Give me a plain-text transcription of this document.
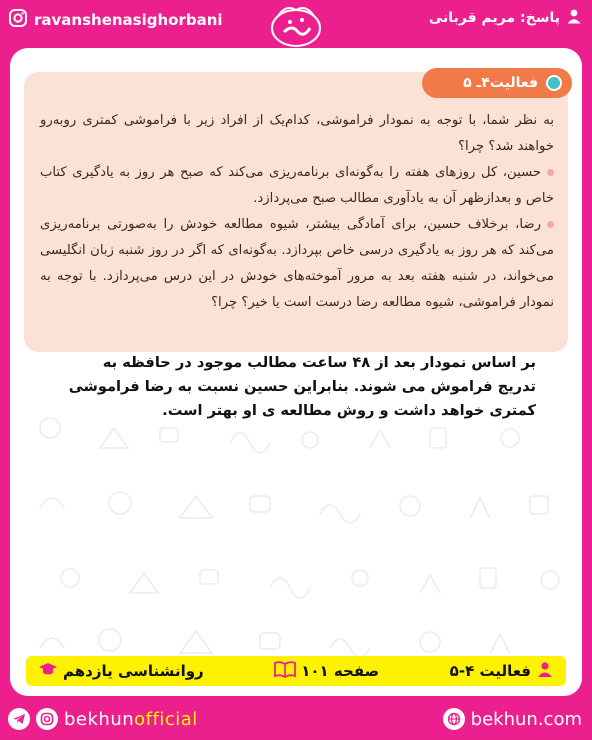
ravanshenasighorbani	پاسخ: مریم قربانی
فعالیت۴ـ ۵

به نظر شما، با توجه به نمودار فراموشی، کدام‌یک از افراد زیر با فراموشی کمتری روبه‌رو خواهند شد؟ چرا؟

حسین، کل روزهای هفته را به‌گونه‌ای برنامه‌ریزی می‌کند که صبح هر روز به یادگیری کتاب خاص و بعدازظهر آن به یادآوری مطالب صبح می‌پردازد.

رضا، برخلاف حسین، برای آمادگی بیشتر، شیوه مطالعه خودش را به‌صورتی برنامه‌ریزی می‌کند که هر روز به یادگیری درسی خاص بپردازد. به‌گونه‌ای که اگر در روز شنبه زبان انگلیسی می‌خواند، در شنبه هفته بعد به مرور آموخته‌های خودش در این درس می‌پردازد. با توجه به نمودار فراموشی، شیوه مطالعه رضا درست است یا خیر؟ چرا؟

بر اساس نمودار بعد از ۴۸ ساعت مطالب موجود در حافظه به تدریج فراموش می شوند. بنابراین حسین نسبت به رضا فراموشی کمتری خواهد داشت و روش مطالعه ی او بهتر است.
فعالیت ۴-۵
صفحه ۱۰۱
روانشناسی یازدهم
bekhunofficial	bekhun.com
